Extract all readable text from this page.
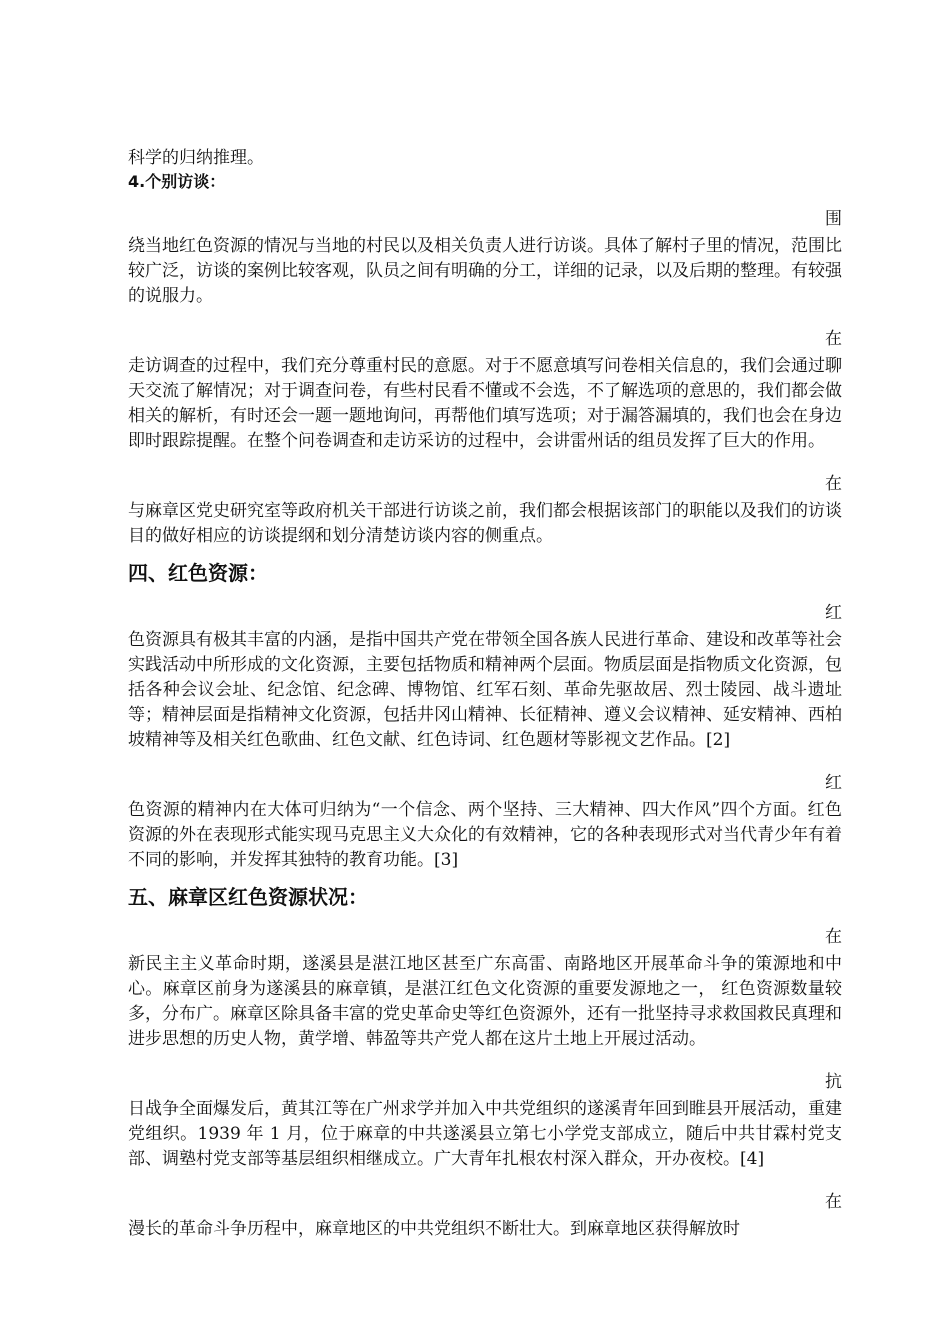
科学的归纳推理。

4.个别访谈：

围

绕当地红色资源的情况与当地的村民以及相关负责人进行访谈。具体了解村子里的情况，范围比较广泛，访谈的案例比较客观，队员之间有明确的分工，详细的记录，以及后期的整理。有较强的说服力。

在

走访调查的过程中，我们充分尊重村民的意愿。对于不愿意填写问卷相关信息的，我们会通过聊天交流了解情况；对于调查问卷，有些村民看不懂或不会选，不了解选项的意思的，我们都会做相关的解析，有时还会一题一题地询问，再帮他们填写选项；对于漏答漏填的，我们也会在身边即时跟踪提醒。在整个问卷调查和走访采访的过程中，会讲雷州话的组员发挥了巨大的作用。

在

与麻章区党史研究室等政府机关干部进行访谈之前，我们都会根据该部门的职能以及我们的访谈目的做好相应的访谈提纲和划分清楚访谈内容的侧重点。

四、红色资源：

红

色资源具有极其丰富的内涵，是指中国共产党在带领全国各族人民进行革命、建设和改革等社会实践活动中所形成的文化资源，主要包括物质和精神两个层面。物质层面是指物质文化资源，包括各种会议会址、纪念馆、纪念碑、博物馆、红军石刻、革命先驱故居、烈士陵园、战斗遗址等；精神层面是指精神文化资源，包括井冈山精神、长征精神、遵义会议精神、延安精神、西柏坡精神等及相关红色歌曲、红色文献、红色诗词、红色题材等影视文艺作品。[2]

红

色资源的精神内在大体可归纳为“一个信念、两个坚持、三大精神、四大作风”四个方面。红色资源的外在表现形式能实现马克思主义大众化的有效精神，它的各种表现形式对当代青少年有着不同的影响，并发挥其独特的教育功能。[3]

五、麻章区红色资源状况：

在

新民主主义革命时期，遂溪县是湛江地区甚至广东高雷、南路地区开展革命斗争的策源地和中心。麻章区前身为遂溪县的麻章镇，是湛江红色文化资源的重要发源地之一， 红色资源数量较多，分布广。麻章区除具备丰富的党史革命史等红色资源外，还有一批坚持寻求救国救民真理和进步思想的历史人物，黄学增、韩盈等共产党人都在这片土地上开展过活动。

抗

日战争全面爆发后，黄其江等在广州求学并加入中共党组织的遂溪青年回到睢县开展活动，重建党组织。1939 年 1 月，位于麻章的中共遂溪县立第七小学党支部成立，随后中共甘霖村党支部、调塾村党支部等基层组织相继成立。广大青年扎根农村深入群众，开办夜校。[4]

在

漫长的革命斗争历程中，麻章地区的中共党组织不断壮大。到麻章地区获得解放时
